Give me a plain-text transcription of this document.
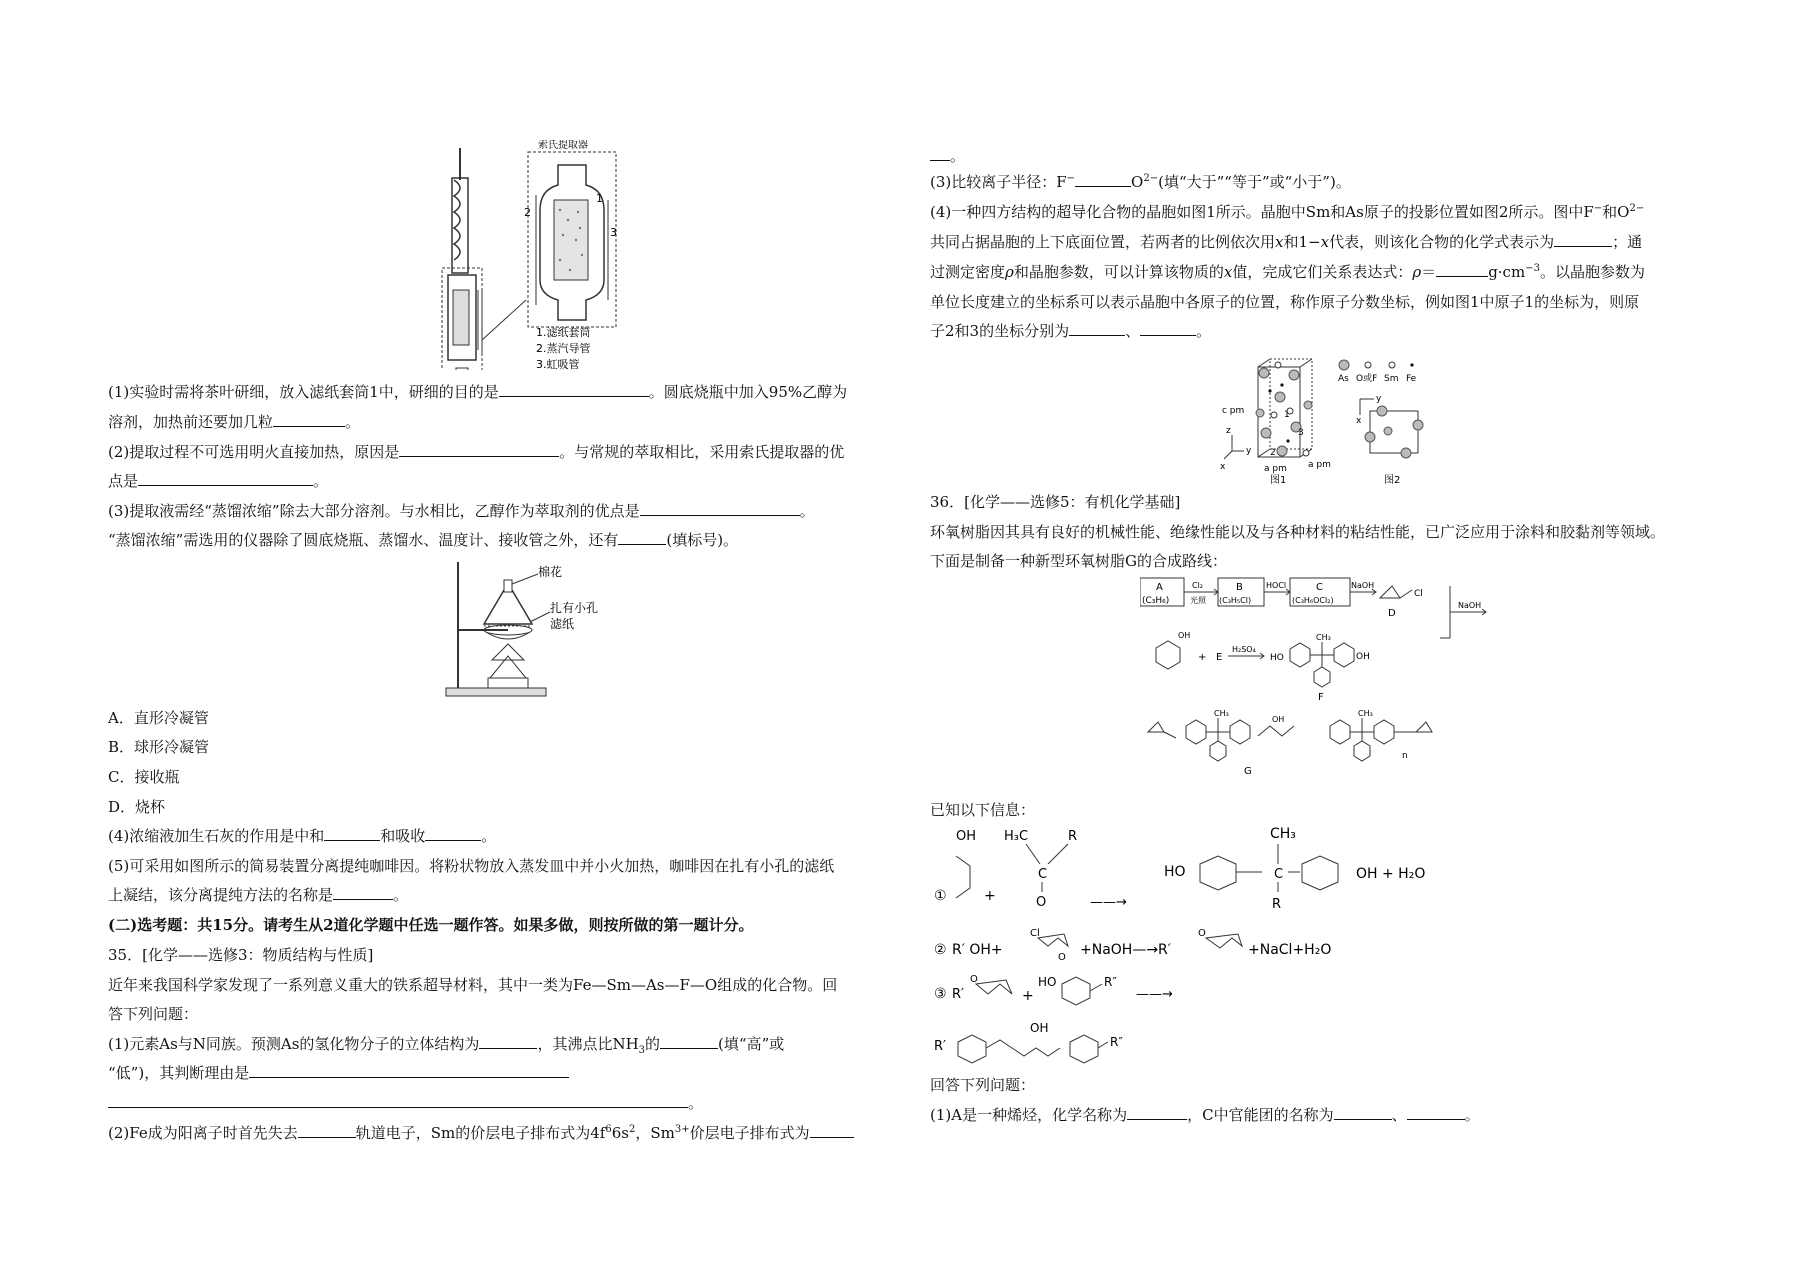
索氏提取器
1
2
3
1.滤纸套筒
2.蒸汽导管
3.虹吸管
(1)实验时需将茶叶研细，放入滤纸套筒1中，研细的目的是	。圆底烧瓶中加入95%乙醇为
溶剂，加热前还要加几粒	。
(2)提取过程不可选用明火直接加热，原因是	。与常规的萃取相比，采用索氏提取器的优
点是	。
(3)提取液需经“蒸馏浓缩”除去大部分溶剂。与水相比，乙醇作为萃取剂的优点是	。
“蒸馏浓缩”需选用的仪器除了圆底烧瓶、蒸馏水、温度计、接收管之外，还有	(填标号)。
棉花
扎有小孔
滤纸
A．直形冷凝管
B．球形冷凝管
C．接收瓶
D．烧杯
(4)浓缩液加生石灰的作用是中和	和吸收	。
(5)可采用如图所示的简易装置分离提纯咖啡因。将粉状物放入蒸发皿中并小火加热，咖啡因在扎有小孔的滤纸
上凝结，该分离提纯方法的名称是	。
(二)选考题：共15分。请考生从2道化学题中任选一题作答。如果多做，则按所做的第一题计分。
35．[化学——选修3：物质结构与性质]
近年来我国科学家发现了一系列意义重大的铁系超导材料，其中一类为Fe—Sm—As—F—O组成的化合物。回
答下列问题：
(1)元素As与N同族。预测As的氢化物分子的立体结构为	，其沸点比$NH_3$的	(填“高”或
“低”)，其判断理由是
。
(2)Fe成为阳离子时首先失去	轨道电子，Sm的价层电子排布式为$4f^66s^2$，$Sm^{3+}$价层电子排布式为
。
(3)比较离子半径：F−	$O^{2-}$(填“大于”“等于”或“小于”)。
(4)一种四方结构的超导化合物的晶胞如图1所示。晶胞中Sm和As原子的投影位置如图2所示。图中F−和$O^{2-}$
共同占据晶胞的上下底面位置，若两者的比例依次用x和1−x代表，则该化合物的化学式表示为	；通
过测定密度ρ和晶胞参数，可以计算该物质的x值，完成它们关系表达式：ρ＝	$g\cdot cm^{-3}$。以晶胞参数为
单位长度建立的坐标系可以表示晶胞中各原子的位置，称作原子分数坐标，例如图1中原子1的坐标为，则原
子2和3的坐标分别为	、	。
c pm
a pm
a pm
1
2
3
z
x
y
As O或F Sm Fe
y
x
图1	图2
36．[化学——选修5：有机化学基础]
环氧树脂因其具有良好的机械性能、绝缘性能以及与各种材料的粘结性能，已广泛应用于涂料和胶黏剂等领域。
下面是制备一种新型环氧树脂G的合成路线：
A
(C₃H₆)
Cl₂
光照
B
(C₃H₅Cl)
HOCl	C
(C₃H₆OCl₂)
NaOH
Cl
D
NaOH
OH
+ E
H₂SO₄
HO
CH₃
OH
F
CH₃
OH
CH₃
n
G
已知以下信息：
①
OH
+
H₃C	R
C
O	——→
HO
CH₃
C
R
OH + H₂O
② R′ OH+
Cl
O +NaOH—→R′
O
+NaCl+H₂O
③ R′
O
+
HO	R″
——→
R′
OH
R″
回答下列问题：
(1)A是一种烯烃，化学名称为	，C中官能团的名称为	、	。
